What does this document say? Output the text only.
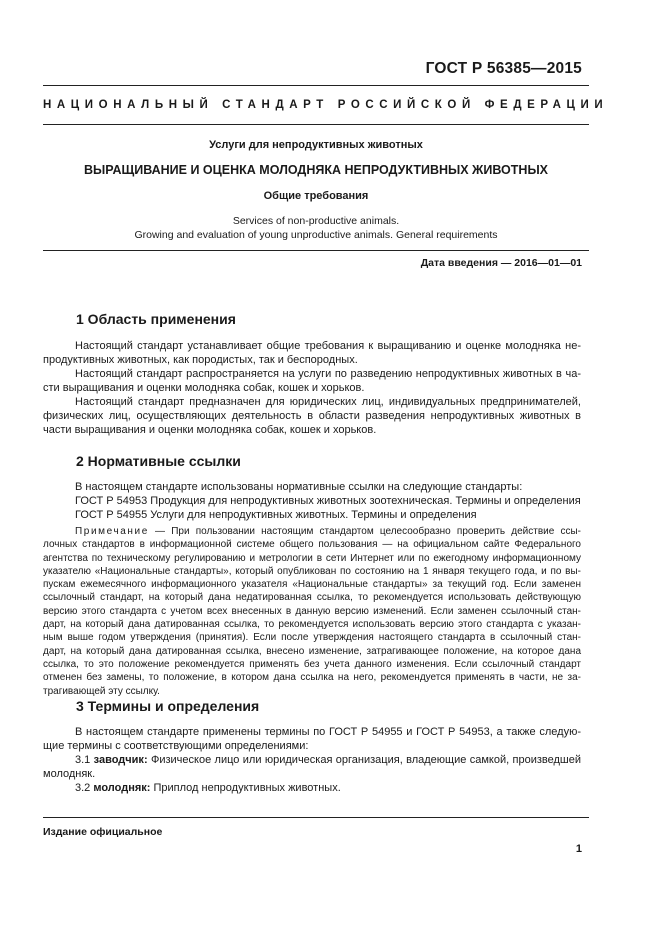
ГОСТ Р 56385—2015
НАЦИОНАЛЬНЫЙ СТАНДАРТ РОССИЙСКОЙ ФЕДЕРАЦИИ
Услуги для непродуктивных животных
ВЫРАЩИВАНИЕ И ОЦЕНКА МОЛОДНЯКА НЕПРОДУКТИВНЫХ ЖИВОТНЫХ
Общие требования
Services of non-productive animals.
Growing and evaluation of young unproductive animals. General requirements
Дата введения — 2016—01—01
1 Область применения
Настоящий стандарт устанавливает общие требования к выращиванию и оценке молодняка не-
продуктивных животных, как породистых, так и беспородных.
Настоящий стандарт распространяется на услуги по разведению непродуктивных животных в ча-
сти выращивания и оценки молодняка собак, кошек и хорьков.
Настоящий стандарт предназначен для юридических лиц, индивидуальных предпринимателей,
физических лиц, осуществляющих деятельность в области разведения непродуктивных животных в
части выращивания и оценки молодняка собак, кошек и хорьков.
2 Нормативные ссылки
В настоящем стандарте использованы нормативные ссылки на следующие стандарты:
ГОСТ Р 54953 Продукция для непродуктивных животных зоотехническая. Термины и определения
ГОСТ Р 54955 Услуги для непродуктивных животных. Термины и определения
Примечание — При пользовании настоящим стандартом целесообразно проверить действие ссы-
лочных стандартов в информационной системе общего пользования — на официальном сайте Федерального
агентства по техническому регулированию и метрологии в сети Интернет или по ежегодному информационному
указателю «Национальные стандарты», который опубликован по состоянию на 1 января текущего года, и по вы-
пускам ежемесячного информационного указателя «Национальные стандарты» за текущий год. Если заменен
ссылочный стандарт, на который дана недатированная ссылка, то рекомендуется использовать действующую
версию этого стандарта с учетом всех внесенных в данную версию изменений. Если заменен ссылочный стан-
дарт, на который дана датированная ссылка, то рекомендуется использовать версию этого стандарта с указан-
ным выше годом утверждения (принятия). Если после утверждения настоящего стандарта в ссылочный стан-
дарт, на который дана датированная ссылка, внесено изменение, затрагивающее положение, на которое дана
ссылка, то это положение рекомендуется применять без учета данного изменения. Если ссылочный стандарт
отменен без замены, то положение, в котором дана ссылка на него, рекомендуется применять в части, не за-
трагивающей эту ссылку.
3 Термины и определения
В настоящем стандарте применены термины по ГОСТ Р 54955 и ГОСТ Р 54953, а также следую-
щие термины с соответствующими определениями:
3.1 заводчик: Физическое лицо или юридическая организация, владеющие самкой, произведшей
молодняк.
3.2 молодняк: Приплод непродуктивных животных.
Издание официальное
1
